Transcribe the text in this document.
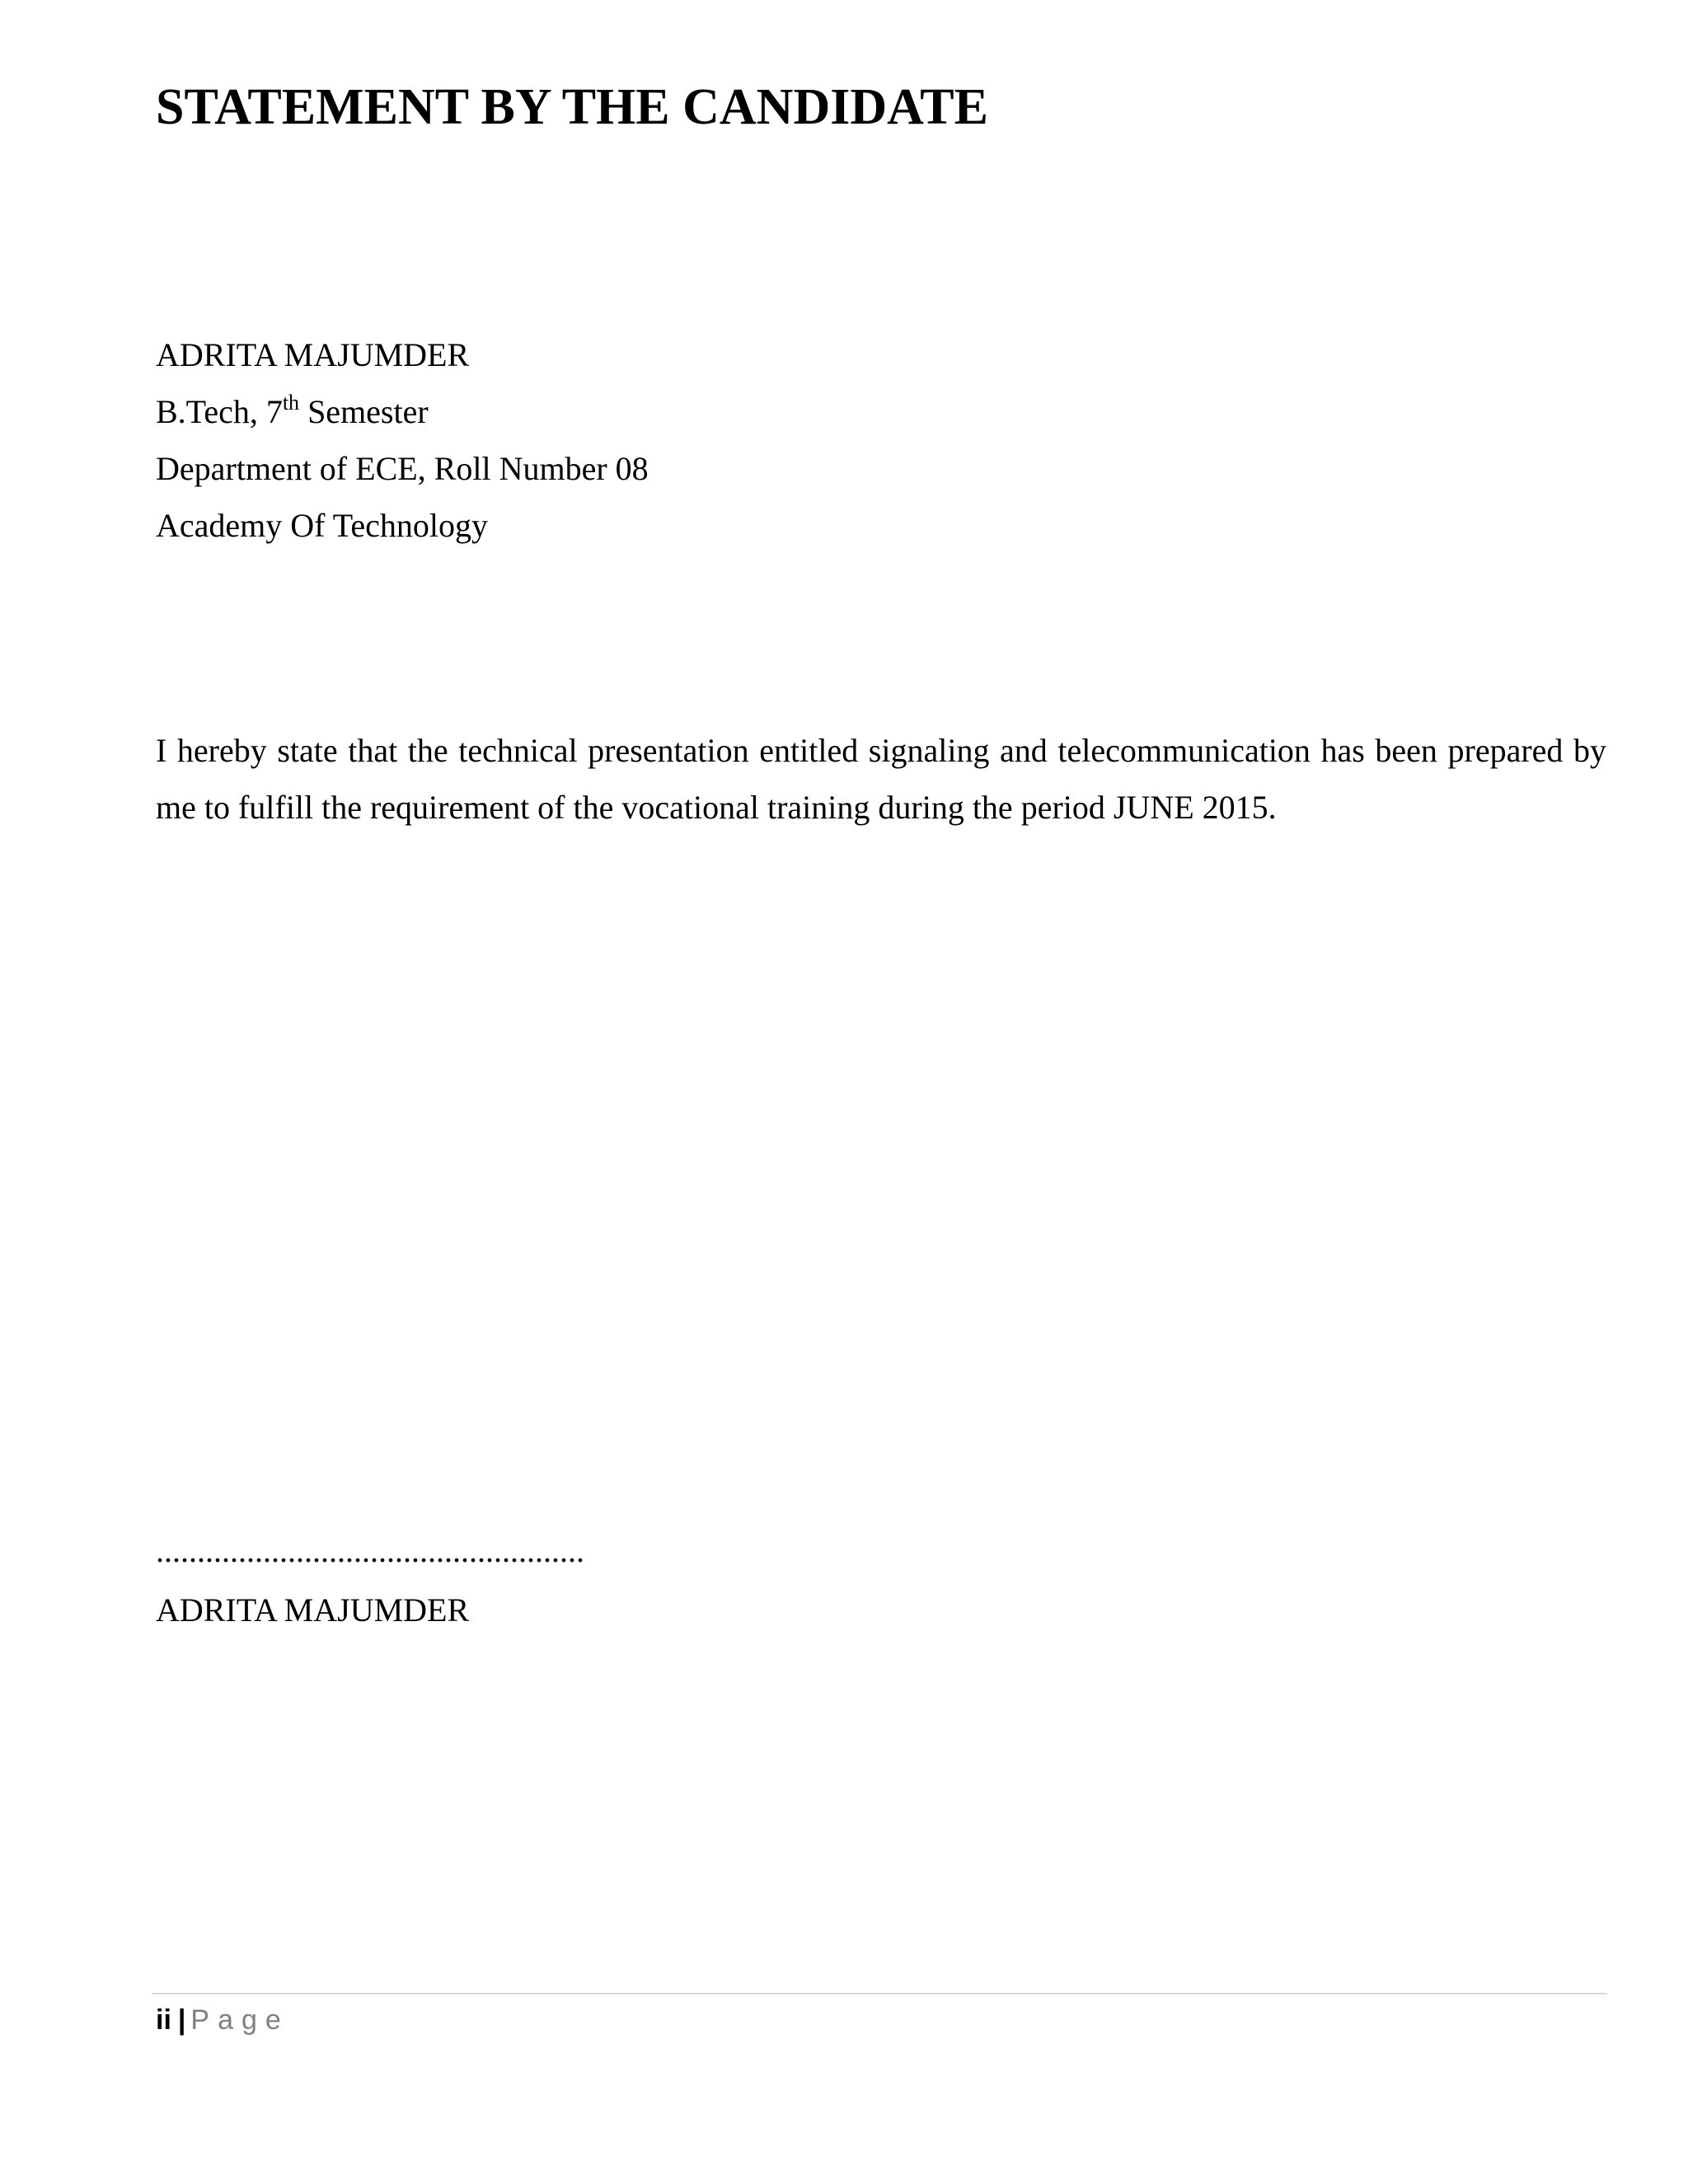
STATEMENT BY THE CANDIDATE
ADRITA MAJUMDER
B.Tech, 7th Semester
Department of ECE, Roll Number 08
Academy Of Technology

I hereby state that the technical presentation entitled signaling and telecommunication has been prepared by me to fulfill the requirement of the vocational training during the period JUNE 2015.

....................................................
ADRITA MAJUMDER
ii | Page
